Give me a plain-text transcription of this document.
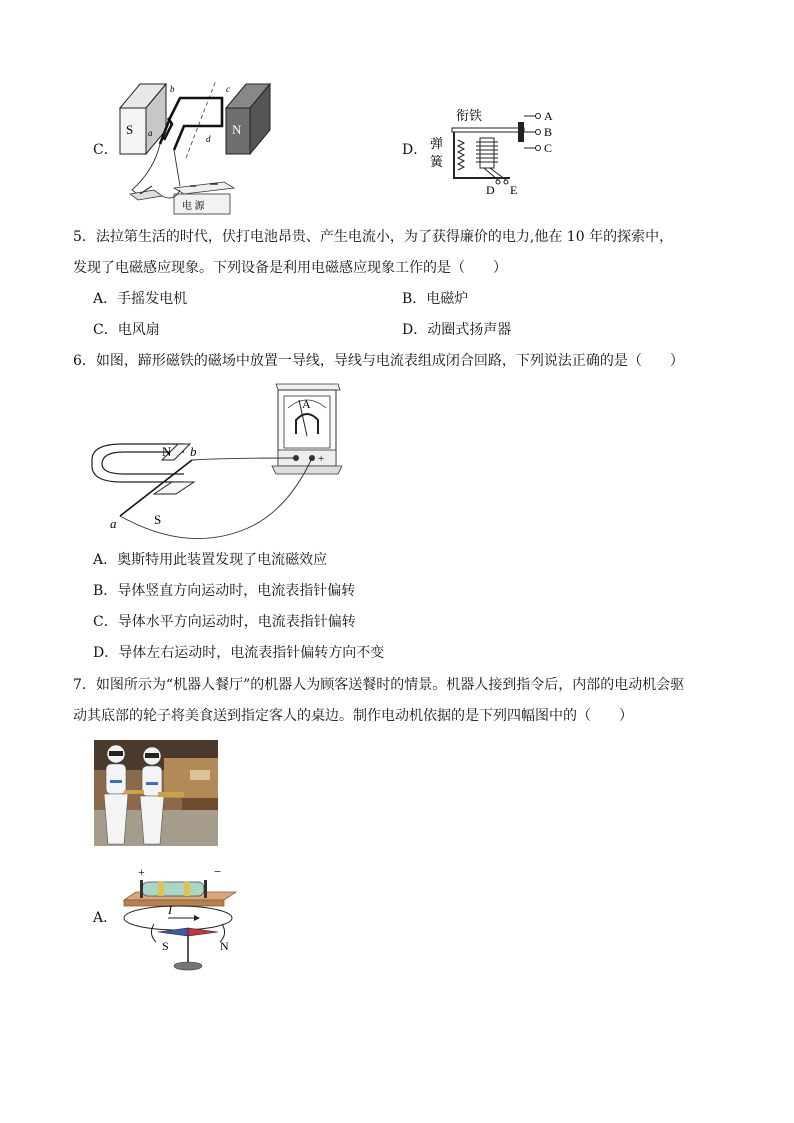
C．
S	N
a
b	c
d
电 源
D．
衔铁
弹
簧
A
B
C
D E
5．法拉第生活的时代，伏打电池昂贵、产生电流小，为了获得廉价的电力,他在 10 年的探索中，
发现了电磁感应现象。下列设备是利用电磁感应现象工作的是（　　）
A．手摇发电机	B．电磁炉
C．电风扇	D．动圈式扬声器
6．如图，蹄形磁铁的磁场中放置一导线，导线与电流表组成闭合回路，下列说法正确的是（　　）
N
S
a
b
A
+
A．奥斯特用此装置发现了电流磁效应
B．导体竖直方向运动时，电流表指针偏转
C．导体水平方向运动时，电流表指针偏转
D．导体左右运动时，电流表指针偏转方向不变
7．如图所示为“机器人餐厅”的机器人为顾客送餐时的情景。机器人接到指令后，内部的电动机会驱
动其底部的轮子将美食送到指定客人的桌边。制作电动机依据的是下列四幅图中的（　　）
A．
+	−
I
S	N
